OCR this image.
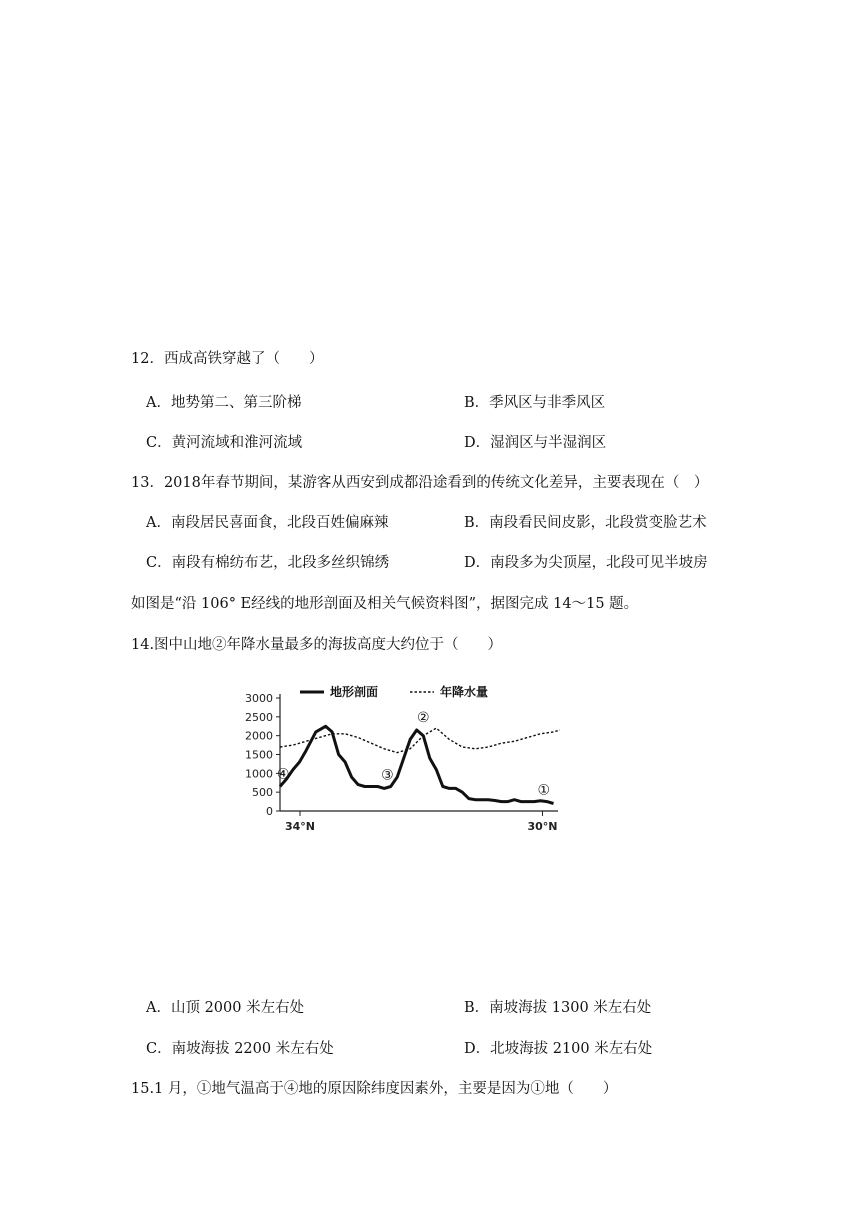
12．西成高铁穿越了（　　）
A．地势第二、第三阶梯	B．季风区与非季风区
C．黄河流域和淮河流域	D．湿润区与半湿润区
13．2018年春节期间，某游客从西安到成都沿途看到的传统文化差异，主要表现在（　）
A．南段居民喜面食，北段百姓偏麻辣	B．南段看民间皮影，北段赏变脸艺术
C．南段有棉纺布艺，北段多丝织锦绣	D．南段多为尖顶屋，北段可见半坡房
如图是“沿 106° E经线的地形剖面及相关气候资料图”，据图完成 14～15 题。
14.图中山地②年降水量最多的海拔高度大约位于（　　）
0
500
1000
1500
2000
2500
3000
34°N	30°N
地形剖面	年降水量
①
②
③
④
A．山顶 2000 米左右处	B．南坡海拔 1300 米左右处
C．南坡海拔 2200 米左右处	D．北坡海拔 2100 米左右处
15.1 月，①地气温高于④地的原因除纬度因素外，主要是因为①地（　　）
